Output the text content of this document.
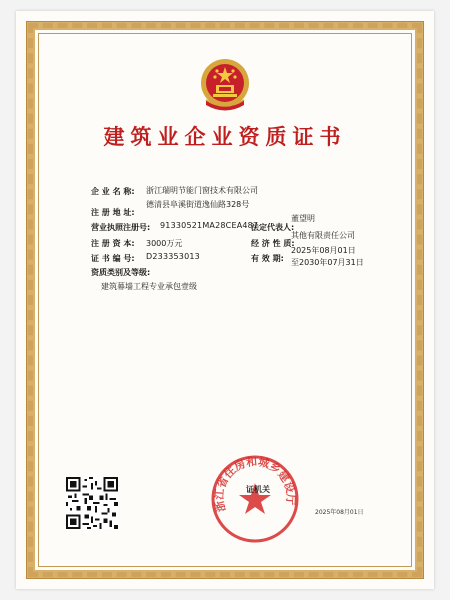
建筑业企业资质证书
企 业 名 称: 浙江瑞明节能门窗技术有限公司
注 册 地 址:
德清县阜溪街道逸仙路328号
营业执照注册号: 91330521MA28CEA487
法定代表人:
董望明
注 册 资 本: 3000万元	经 济 性 质:
其他有限责任公司
证 书 编 号: D233353013	有 效 期:
2025年08月01日
至2030年07月31日
资质类别及等级:
建筑幕墙工程专业承包壹级
浙江省住房和城乡建设厅
证机关
2025年08月01日
